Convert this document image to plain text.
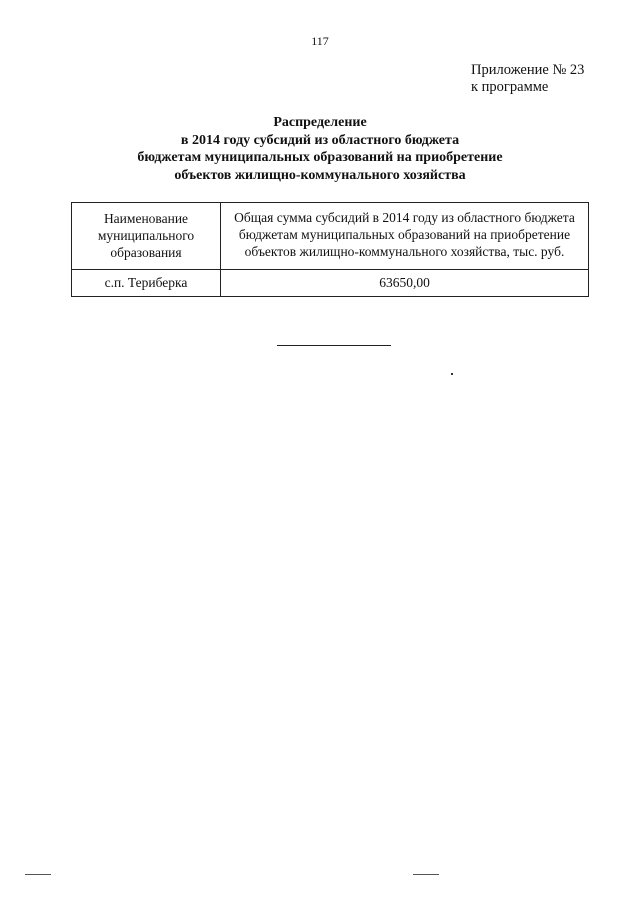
117
Приложение № 23
к программе
Распределение
в 2014 году субсидий из областного бюджета
бюджетам муниципальных образований на приобретение
объектов жилищно-коммунального хозяйства
Наименование муниципального образования	Общая сумма субсидий в 2014 году из областного бюджета бюджетам муниципальных образований на приобретение объектов жилищно-коммунального хозяйства, тыс. руб.
с.п. Териберка	63650,00
